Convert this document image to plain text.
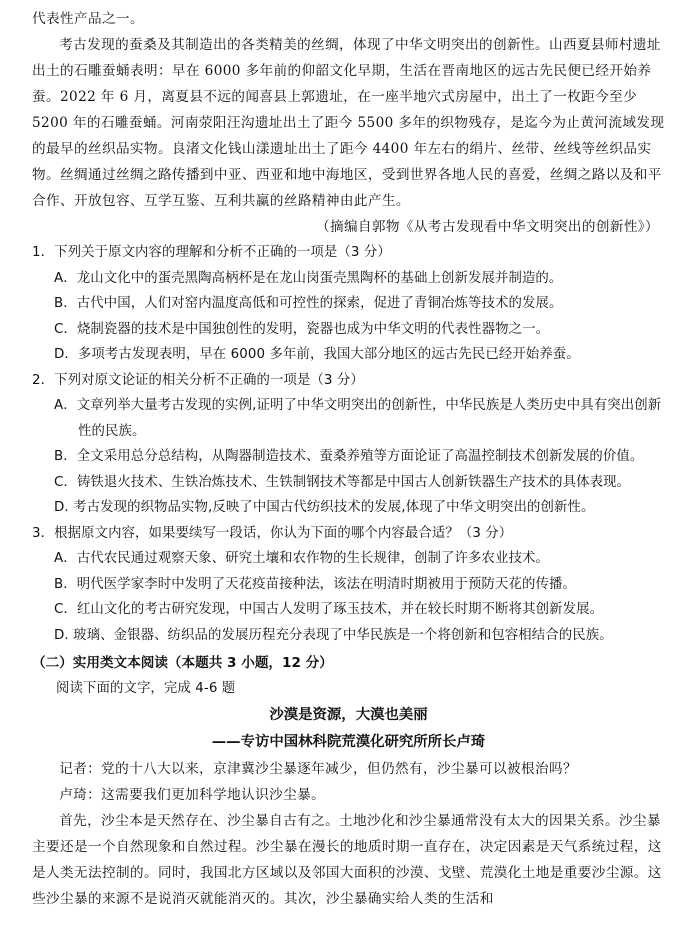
代表性产品之一。

考古发现的蚕桑及其制造出的各类精美的丝绸，体现了中华文明突出的创新性。山西夏县师村遗址出土的石雕蚕蛹表明：早在 6000 多年前的仰韶文化早期，生活在晋南地区的远古先民便已经开始养蚕。2022 年 6 月，离夏县不远的闻喜县上郭遗址，在一座半地穴式房屋中，出土了一枚距今至少 5200 年的石雕蚕蛹。河南荥阳汪沟遗址出土了距今 5500 多年的织物残存，是迄今为止黄河流域发现的最早的丝织品实物。良渚文化钱山漾遗址出土了距今 4400 年左右的绢片、丝带、丝线等丝织品实物。丝绸通过丝绸之路传播到中亚、西亚和地中海地区，受到世界各地人民的喜爱，丝绸之路以及和平合作、开放包容、互学互鉴、互利共赢的丝路精神由此产生。

（摘编自郭物《从考古发现看中华文明突出的创新性》）

1．下列关于原文内容的理解和分析不正确的一项是（3 分）

A．龙山文化中的蛋壳黑陶高柄杯是在龙山岗蛋壳黑陶杯的基础上创新发展并制造的。

B．古代中国，人们对窑内温度高低和可控性的探索，促进了青铜冶炼等技术的发展。

C．烧制瓷器的技术是中国独创性的发明，瓷器也成为中华文明的代表性器物之一。

D．多项考古发现表明，早在 6000 多年前，我国大部分地区的远古先民已经开始养蚕。

2．下列对原文论证的相关分析不正确的一项是（3 分）

A．文章列举大量考古发现的实例,证明了中华文明突出的创新性，中华民族是人类历史中具有突出创新性的民族。

B．全文采用总分总结构，从陶器制造技术、蚕桑养殖等方面论证了高温控制技术创新发展的价值。

C．铸铁退火技术、生铁冶炼技术、生铁制钢技术等都是中国古人创新铁器生产技术的具体表现。

D. 考古发现的织物品实物,反映了中国古代纺织技术的发展,体现了中华文明突出的创新性。

3．根据原文内容，如果要续写一段话，你认为下面的哪个内容最合适？（3 分）

A．古代农民通过观察天象、研究土壤和农作物的生长规律，创制了许多农业技术。

B．明代医学家李时中发明了天花疫苗接种法，该法在明清时期被用于预防天花的传播。

C．红山文化的考古研究发现，中国古人发明了琢玉技术，并在较长时期不断将其创新发展。

D. 玻璃、金银器、纺织品的发展历程充分表现了中华民族是一个将创新和包容相结合的民族。

（二）实用类文本阅读（本题共 3 小题，12 分）

阅读下面的文字，完成 4-6 题

沙漠是资源，大漠也美丽

——专访中国林科院荒漠化研究所所长卢琦

记者：党的十八大以来，京津冀沙尘暴逐年减少，但仍然有，沙尘暴可以被根治吗？

卢琦：这需要我们更加科学地认识沙尘暴。

首先，沙尘本是天然存在、沙尘暴自古有之。土地沙化和沙尘暴通常没有太大的因果关系。沙尘暴主要还是一个自然现象和自然过程。沙尘暴在漫长的地质时期一直存在，决定因素是天气系统过程，这是人类无法控制的。同时，我国北方区域以及邻国大面积的沙漠、戈壁、荒漠化土地是重要沙尘源。这些沙尘暴的来源不是说消灭就能消灭的。其次，沙尘暴确实给人类的生活和
